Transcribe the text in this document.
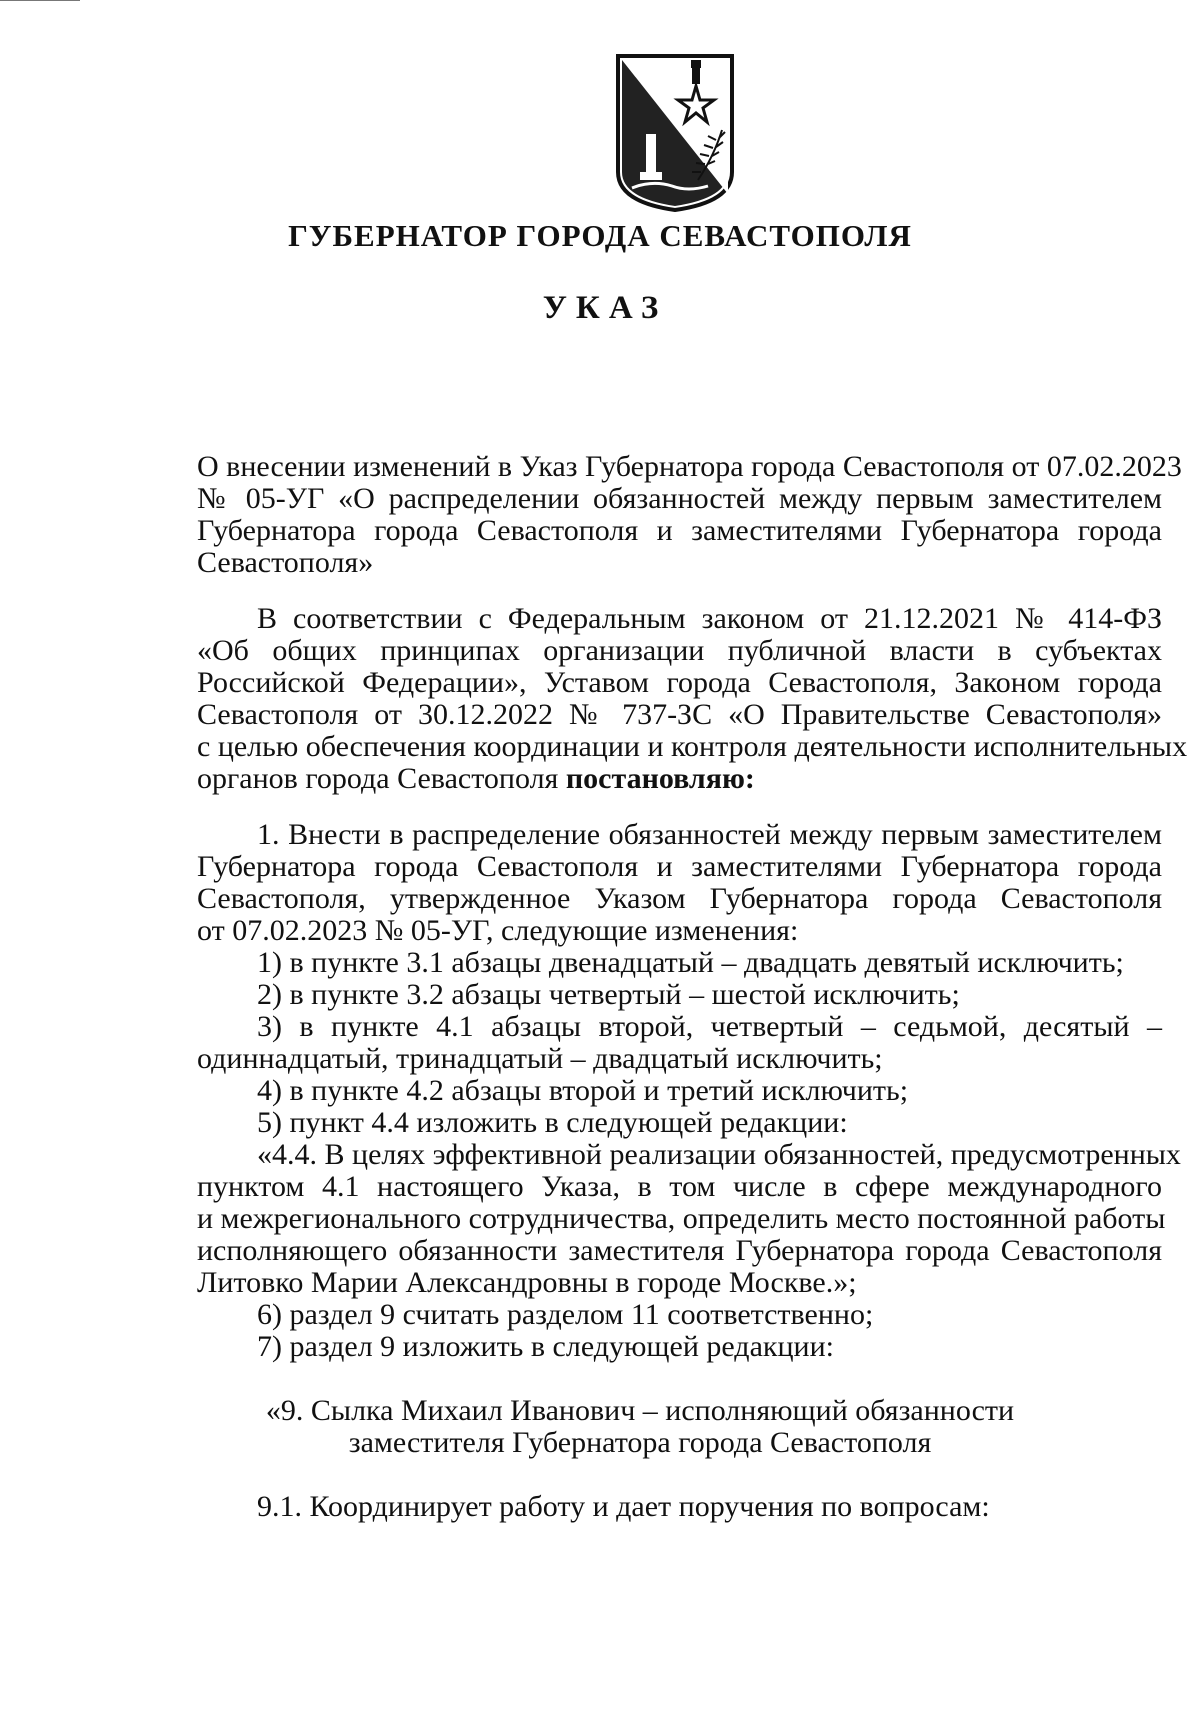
ГУБЕРНАТОР ГОРОДА СЕВАСТОПОЛЯ
УКАЗ
О внесении изменений в Указ Губернатора города Севастополя от 07.02.2023
№ 05-УГ «О распределении обязанностей между первым заместителем
Губернатора города Севастополя и заместителями Губернатора города
Севастополя»
В соответствии с Федеральным законом от 21.12.2021 № 414-ФЗ
«Об общих принципах организации публичной власти в субъектах
Российской Федерации», Уставом города Севастополя, Законом города
Севастополя от 30.12.2022 № 737-ЗС «О Правительстве Севастополя»
с целью обеспечения координации и контроля деятельности исполнительных
органов города Севастополя постановляю:
1. Внести в распределение обязанностей между первым заместителем
Губернатора города Севастополя и заместителями Губернатора города
Севастополя, утвержденное Указом Губернатора города Севастополя
от 07.02.2023 № 05-УГ, следующие изменения:
1) в пункте 3.1 абзацы двенадцатый – двадцать девятый исключить;
2) в пункте 3.2 абзацы четвертый – шестой исключить;
3) в пункте 4.1 абзацы второй, четвертый – седьмой, десятый –
одиннадцатый, тринадцатый – двадцатый исключить;
4) в пункте 4.2 абзацы второй и третий исключить;
5) пункт 4.4 изложить в следующей редакции:
«4.4. В целях эффективной реализации обязанностей, предусмотренных
пунктом 4.1 настоящего Указа, в том числе в сфере международного
и межрегионального сотрудничества, определить место постоянной работы
исполняющего обязанности заместителя Губернатора города Севастополя
Литовко Марии Александровны в городе Москве.»;
6) раздел 9 считать разделом 11 соответственно;
7) раздел 9 изложить в следующей редакции:
«9. Сылка Михаил Иванович – исполняющий обязанности
заместителя Губернатора города Севастополя
9.1. Координирует работу и дает поручения по вопросам:
